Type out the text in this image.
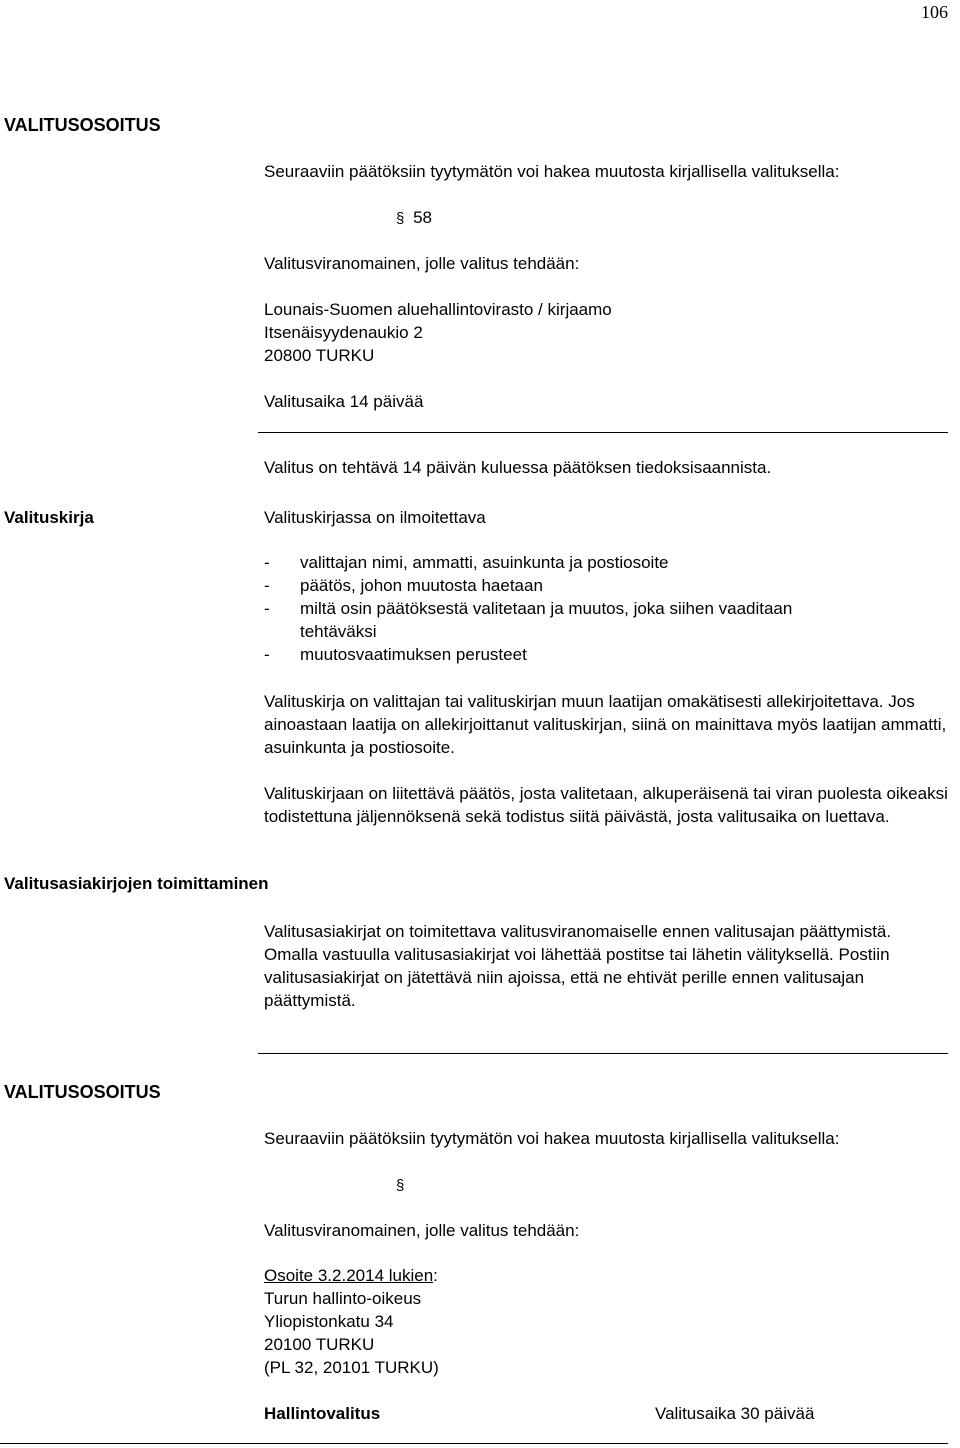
106
VALITUSOSOITUS
Seuraaviin päätöksiin tyytymätön voi hakea muutosta kirjallisella valituksella:
§ 58
Valitusviranomainen, jolle valitus tehdään:
Lounais-Suomen aluehallintovirasto / kirjaamo
Itsenäisyydenaukio 2
20800 TURKU
Valitusaika 14 päivää
Valitus on tehtävä 14 päivän kuluessa päätöksen tiedoksisaannista.
Valituskirja	Valituskirjassa on ilmoitettava
- valittajan nimi, ammatti, asuinkunta ja postiosoite
- päätös, johon muutosta haetaan
- miltä osin päätöksestä valitetaan ja muutos, joka siihen vaaditaan
tehtäväksi
- muutosvaatimuksen perusteet
Valituskirja on valittajan tai valituskirjan muun laatijan omakätisesti allekirjoitettava. Jos ainoastaan laatija on allekirjoittanut valituskirjan, siinä on mainittava myös laatijan ammatti, asuinkunta ja postiosoite.
Valituskirjaan on liitettävä päätös, josta valitetaan, alkuperäisenä tai viran puolesta oikeaksi todistettuna jäljennöksenä sekä todistus siitä päivästä, josta valitusaika on luettava.
Valitusasiakirjojen toimittaminen
Valitusasiakirjat on toimitettava valitusviranomaiselle ennen valitusajan päättymistä. Omalla vastuulla valitusasiakirjat voi lähettää postitse tai lähetin välityksellä. Postiin valitusasiakirjat on jätettävä niin ajoissa, että ne ehtivät perille ennen valitusajan päättymistä.
VALITUSOSOITUS
Seuraaviin päätöksiin tyytymätön voi hakea muutosta kirjallisella valituksella:
§
Valitusviranomainen, jolle valitus tehdään:
Osoite 3.2.2014 lukien:
Turun hallinto-oikeus
Yliopistonkatu 34
20100 TURKU
(PL 32, 20101 TURKU)
Hallintovalitus	Valitusaika 30 päivää
